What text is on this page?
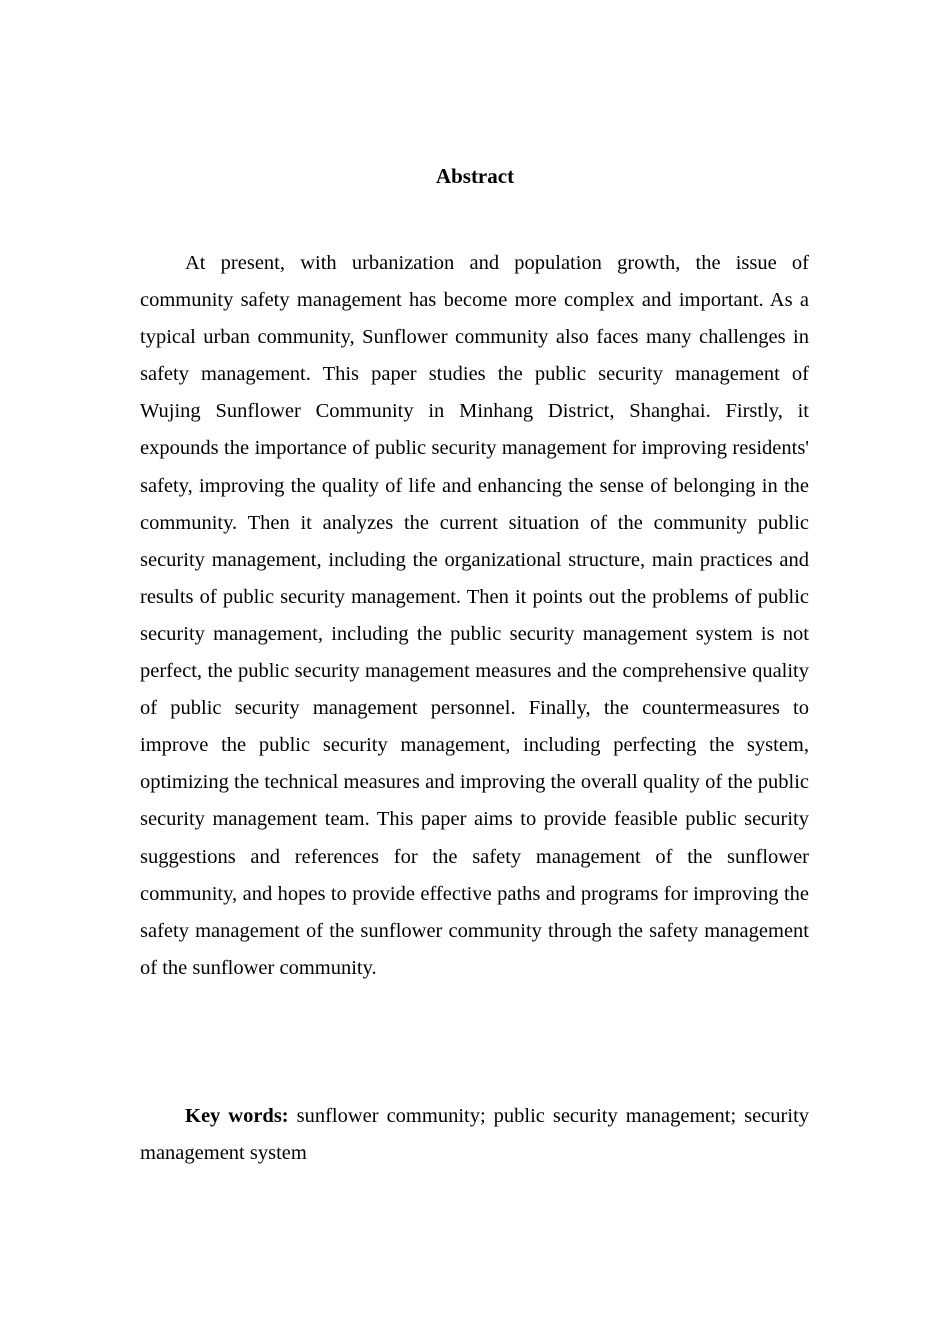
Abstract

At present, with urbanization and population growth, the issue of community safety management has become more complex and important. As a typical urban community, Sunflower community also faces many challenges in safety management. This paper studies the public security management of Wujing Sunflower Community in Minhang District, Shanghai. Firstly, it expounds the importance of public security management for improving residents' safety, improving the quality of life and enhancing the sense of belonging in the community. Then it analyzes the current situation of the community public security management, including the organizational structure, main practices and results of public security management. Then it points out the problems of public security management, including the public security management system is not perfect, the public security management measures and the comprehensive quality of public security management personnel. Finally, the countermeasures to improve the public security management, including perfecting the system, optimizing the technical measures and improving the overall quality of the public security management team. This paper aims to provide feasible public security suggestions and references for the safety management of the sunflower community, and hopes to provide effective paths and programs for improving the safety management of the sunflower community through the safety management of the sunflower community.

Key words: sunflower community; public security management; security management system
